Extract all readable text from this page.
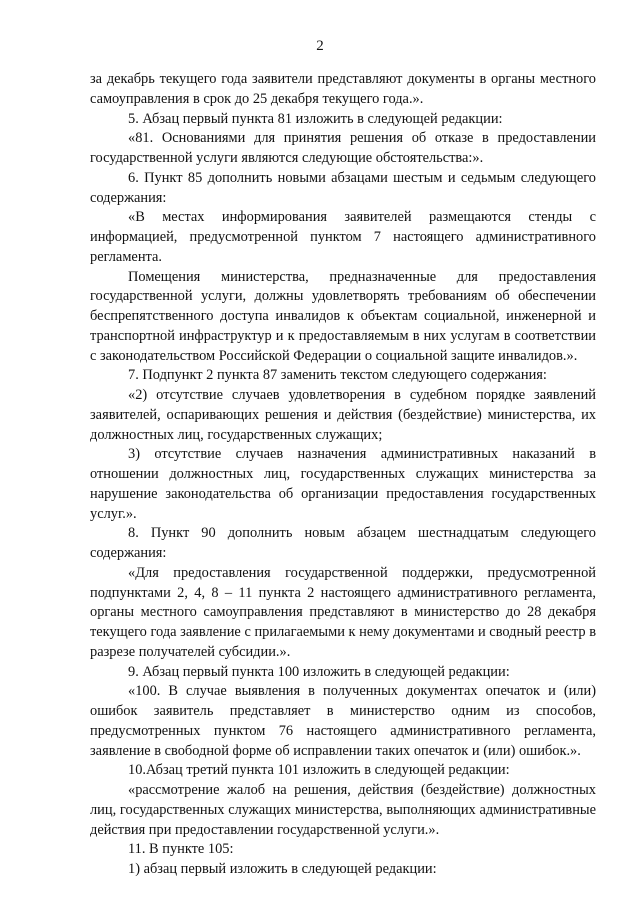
2

за декабрь текущего года заявители представляют документы в органы местного самоуправления в срок до 25 декабря текущего года.».

5. Абзац первый пункта 81 изложить в следующей редакции:

«81. Основаниями для принятия решения об отказе в предоставлении государственной услуги являются следующие обстоятельства:».

6. Пункт 85 дополнить новыми абзацами шестым и седьмым следующего содержания:

«В местах информирования заявителей размещаются стенды с информацией, предусмотренной пунктом 7 настоящего административного регламента.

Помещения министерства, предназначенные для предоставления государственной услуги, должны удовлетворять требованиям об обеспечении беспрепятственного доступа инвалидов к объектам социальной, инженерной и транспортной инфраструктур и к предоставляемым в них услугам в соответствии с законодательством Российской Федерации о социальной защите инвалидов.».

7. Подпункт 2 пункта 87 заменить текстом следующего содержания:

«2) отсутствие случаев удовлетворения в судебном порядке заявлений заявителей, оспаривающих решения и действия (бездействие) министерства, их должностных лиц, государственных служащих;

3) отсутствие случаев назначения административных наказаний в отношении должностных лиц, государственных служащих министерства за нарушение законодательства об организации предоставления государственных услуг.».

8. Пункт 90 дополнить новым абзацем шестнадцатым следующего содержания:

«Для предоставления государственной поддержки, предусмотренной подпунктами 2, 4, 8 – 11 пункта 2 настоящего административного регламента, органы местного самоуправления представляют в министерство до 28 декабря текущего года заявление с прилагаемыми к нему документами и сводный реестр в разрезе получателей субсидии.».

9. Абзац первый пункта 100 изложить в следующей редакции:

«100. В случае выявления в полученных документах опечаток и (или) ошибок заявитель представляет в министерство одним из способов, предусмотренных пунктом 76 настоящего административного регламента, заявление в свободной форме об исправлении таких опечаток и (или) ошибок.».

10.Абзац третий пункта 101 изложить в следующей редакции:

«рассмотрение жалоб на решения, действия (бездействие) должностных лиц, государственных служащих министерства, выполняющих административные действия при предоставлении государственной услуги.».

11. В пункте 105:

1) абзац первый изложить в следующей редакции:
